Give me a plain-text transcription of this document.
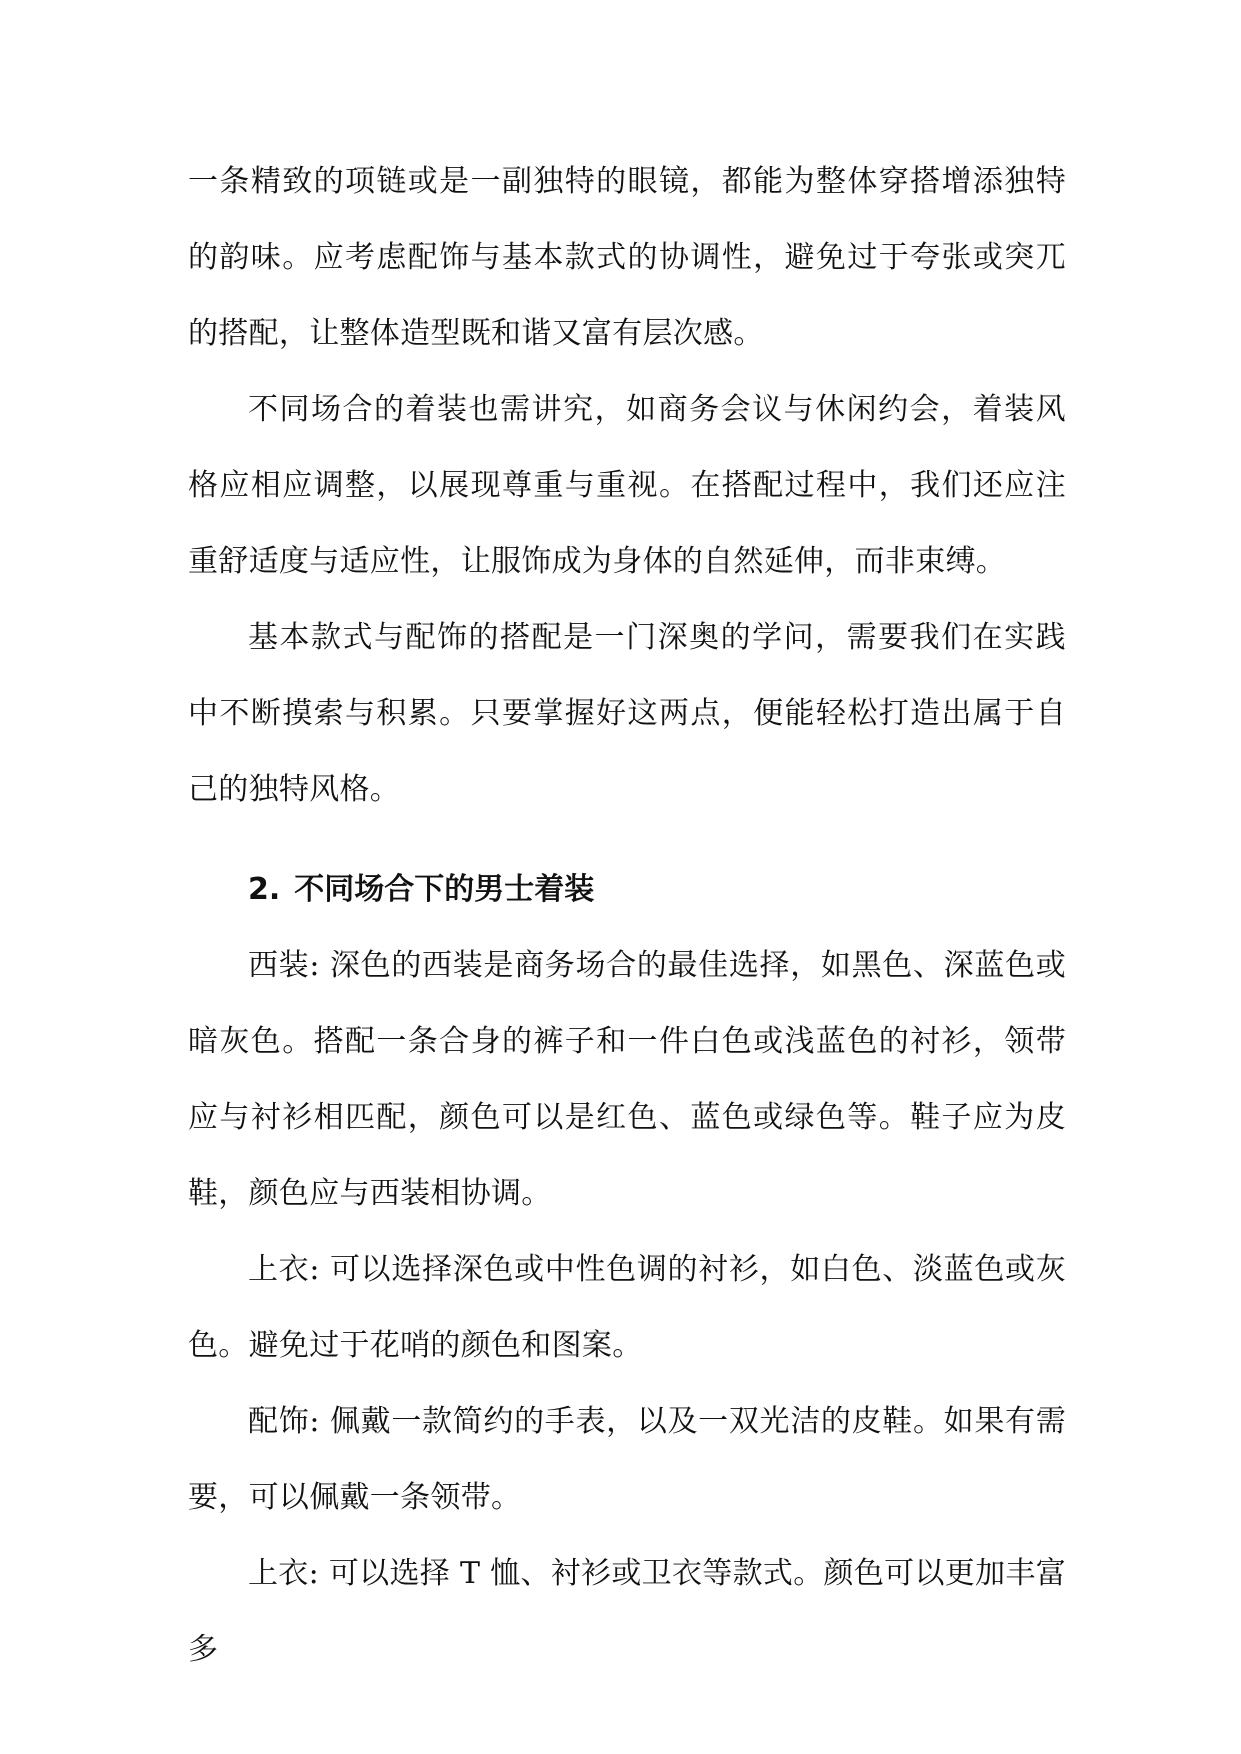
一条精致的项链或是一副独特的眼镜，都能为整体穿搭增添独特的韵味。应考虑配饰与基本款式的协调性，避免过于夸张或突兀的搭配，让整体造型既和谐又富有层次感。

不同场合的着装也需讲究，如商务会议与休闲约会，着装风格应相应调整，以展现尊重与重视。在搭配过程中，我们还应注重舒适度与适应性，让服饰成为身体的自然延伸，而非束缚。

基本款式与配饰的搭配是一门深奥的学问，需要我们在实践中不断摸索与积累。只要掌握好这两点，便能轻松打造出属于自己的独特风格。

2. 不同场合下的男士着装

西装: 深色的西装是商务场合的最佳选择，如黑色、深蓝色或暗灰色。搭配一条合身的裤子和一件白色或浅蓝色的衬衫，领带应与衬衫相匹配，颜色可以是红色、蓝色或绿色等。鞋子应为皮鞋，颜色应与西装相协调。

上衣: 可以选择深色或中性色调的衬衫，如白色、淡蓝色或灰色。避免过于花哨的颜色和图案。

配饰: 佩戴一款简约的手表，以及一双光洁的皮鞋。如果有需要，可以佩戴一条领带。

上衣: 可以选择 T 恤、衬衫或卫衣等款式。颜色可以更加丰富多
